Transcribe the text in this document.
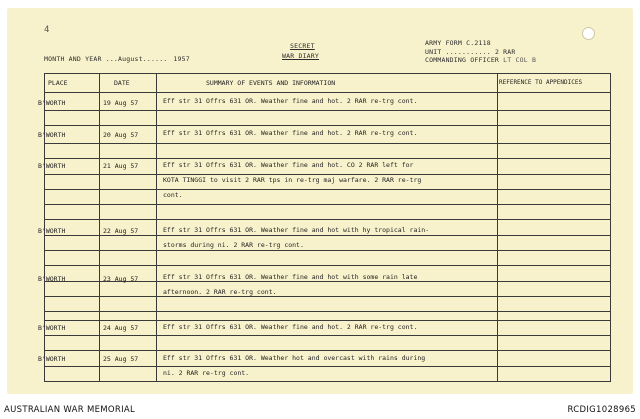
4
MONTH AND YEAR ...August...... 1957
SECRET
WAR DIARY
ARMY FORM C.2118
UNIT ........... 2 RAR
COMMANDING OFFICER LT COL B
PLACE	DATE	SUMMARY OF EVENTS AND INFORMATION	REFERENCE TO APPENDICES
B'WORTH	19 Aug 57	Eff str 31 Offrs 631 OR. Weather fine and hot. 2 RAR re-trg cont.
B'WORTH	20 Aug 57	Eff str 31 Offrs 631 OR. Weather fine and hot. 2 RAR re-trg cont.
B'WORTH	21 Aug 57	Eff str 31 Offrs 631 OR. Weather fine and hot. CO 2 RAR left for
KOTA TINGGI to visit 2 RAR tps in re-trg maj warfare. 2 RAR re-trg
cont.
B'WORTH	22 Aug 57	Eff str 31 Offrs 631 OR. Weather fine and hot with hy tropical rain-
storms during ni. 2 RAR re-trg cont.
B'WORTH	23 Aug 57	Eff str 31 Offrs 631 OR. Weather fine and hot with some rain late
afternoon. 2 RAR re-trg cont.
B'WORTH	24 Aug 57	Eff str 31 Offrs 631 OR. Weather fine and hot. 2 RAR re-trg cont.
B'WORTH	25 Aug 57	Eff str 31 Offrs 631 OR. Weather hot and overcast with rains during
ni. 2 RAR re-trg cont.
AUSTRALIAN WAR MEMORIAL	RCDIG1028965
